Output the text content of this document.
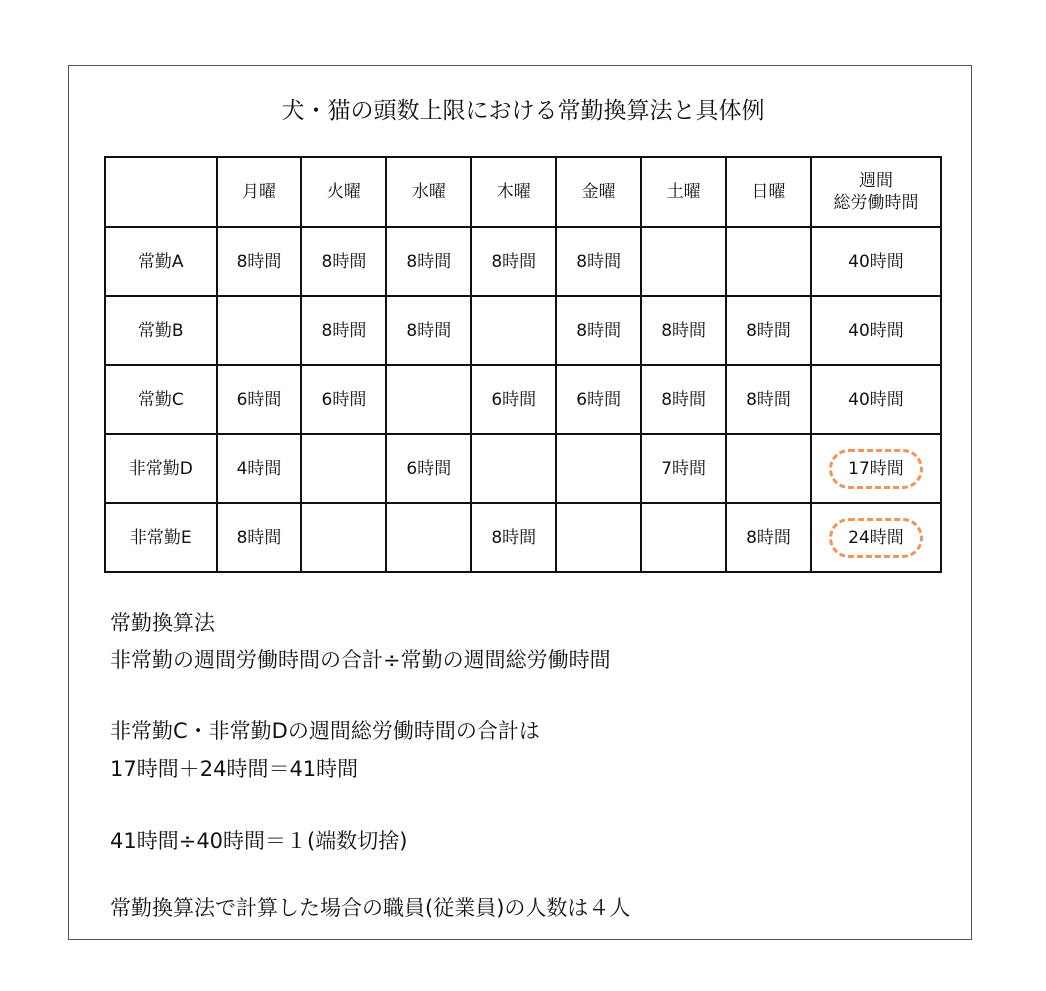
犬・猫の頭数上限における常勤換算法と具体例
	月曜	火曜	水曜	木曜	金曜	土曜	日曜	週間
総労働時間
常勤A	8時間	8時間	8時間	8時間	8時間			40時間
常勤B		8時間	8時間		8時間	8時間	8時間	40時間
常勤C	6時間	6時間		6時間	6時間	8時間	8時間	40時間
非常勤D	4時間		6時間			7時間		17時間
非常勤E	8時間			8時間			8時間	24時間
常勤換算法
非常勤の週間労働時間の合計÷常勤の週間総労働時間
非常勤C・非常勤Dの週間総労働時間の合計は
17時間＋24時間＝41時間
41時間÷40時間＝１(端数切捨)
常勤換算法で計算した場合の職員(従業員)の人数は４人
